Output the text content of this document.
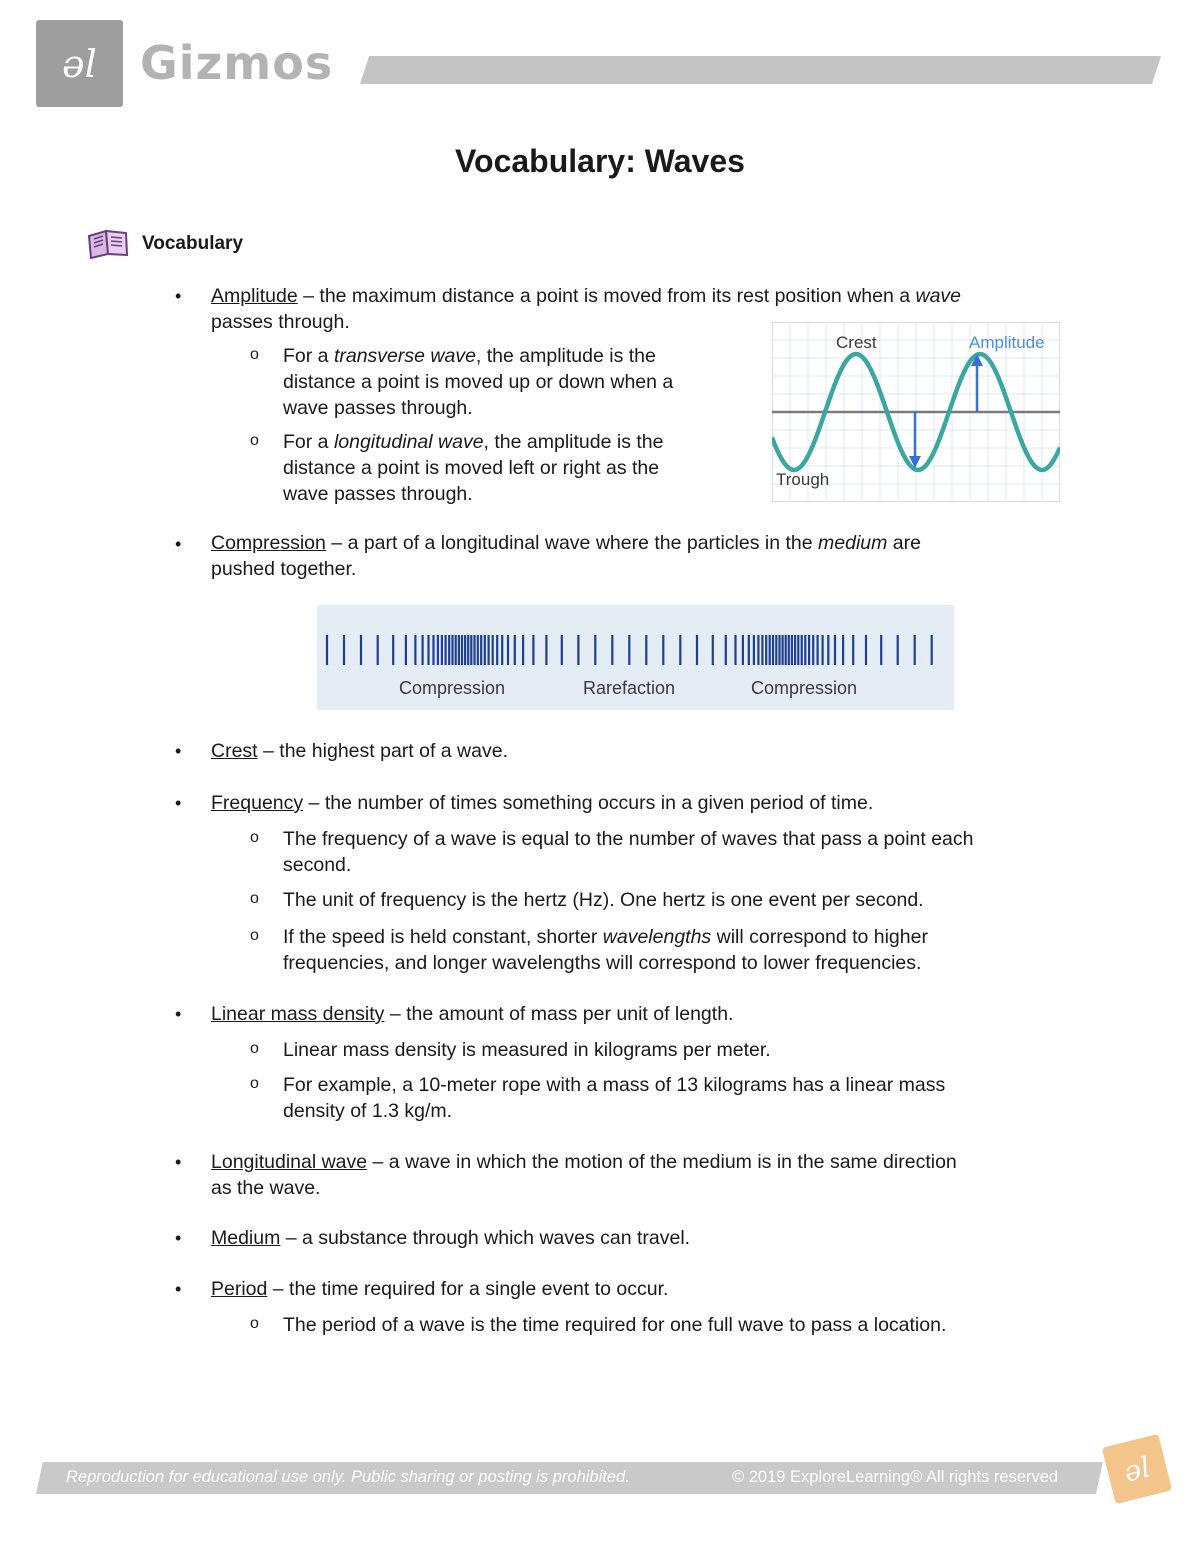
ǝl Gizmos
Vocabulary: Waves
Vocabulary
• Amplitude – the maximum distance a point is moved from its rest position when a wave
passes through.
o For a transverse wave, the amplitude is the
distance a point is moved up or down when a
wave passes through.
o For a longitudinal wave, the amplitude is the
distance a point is moved left or right as the
wave passes through.
Crest	Amplitude
Trough
• Compression – a part of a longitudinal wave where the particles in the medium are
pushed together.
Compression	Rarefaction	Compression
• Crest – the highest part of a wave.
• Frequency – the number of times something occurs in a given period of time.
o The frequency of a wave is equal to the number of waves that pass a point each
second.
o The unit of frequency is the hertz (Hz). One hertz is one event per second.
o If the speed is held constant, shorter wavelengths will correspond to higher
frequencies, and longer wavelengths will correspond to lower frequencies.
• Linear mass density – the amount of mass per unit of length.
o Linear mass density is measured in kilograms per meter.
o For example, a 10-meter rope with a mass of 13 kilograms has a linear mass
density of 1.3 kg/m.
• Longitudinal wave – a wave in which the motion of the medium is in the same direction
as the wave.
• Medium – a substance through which waves can travel.
• Period – the time required for a single event to occur.
o The period of a wave is the time required for one full wave to pass a location.
Reproduction for educational use only. Public sharing or posting is prohibited.	© 2019 ExploreLearning® All rights reserved ǝl
